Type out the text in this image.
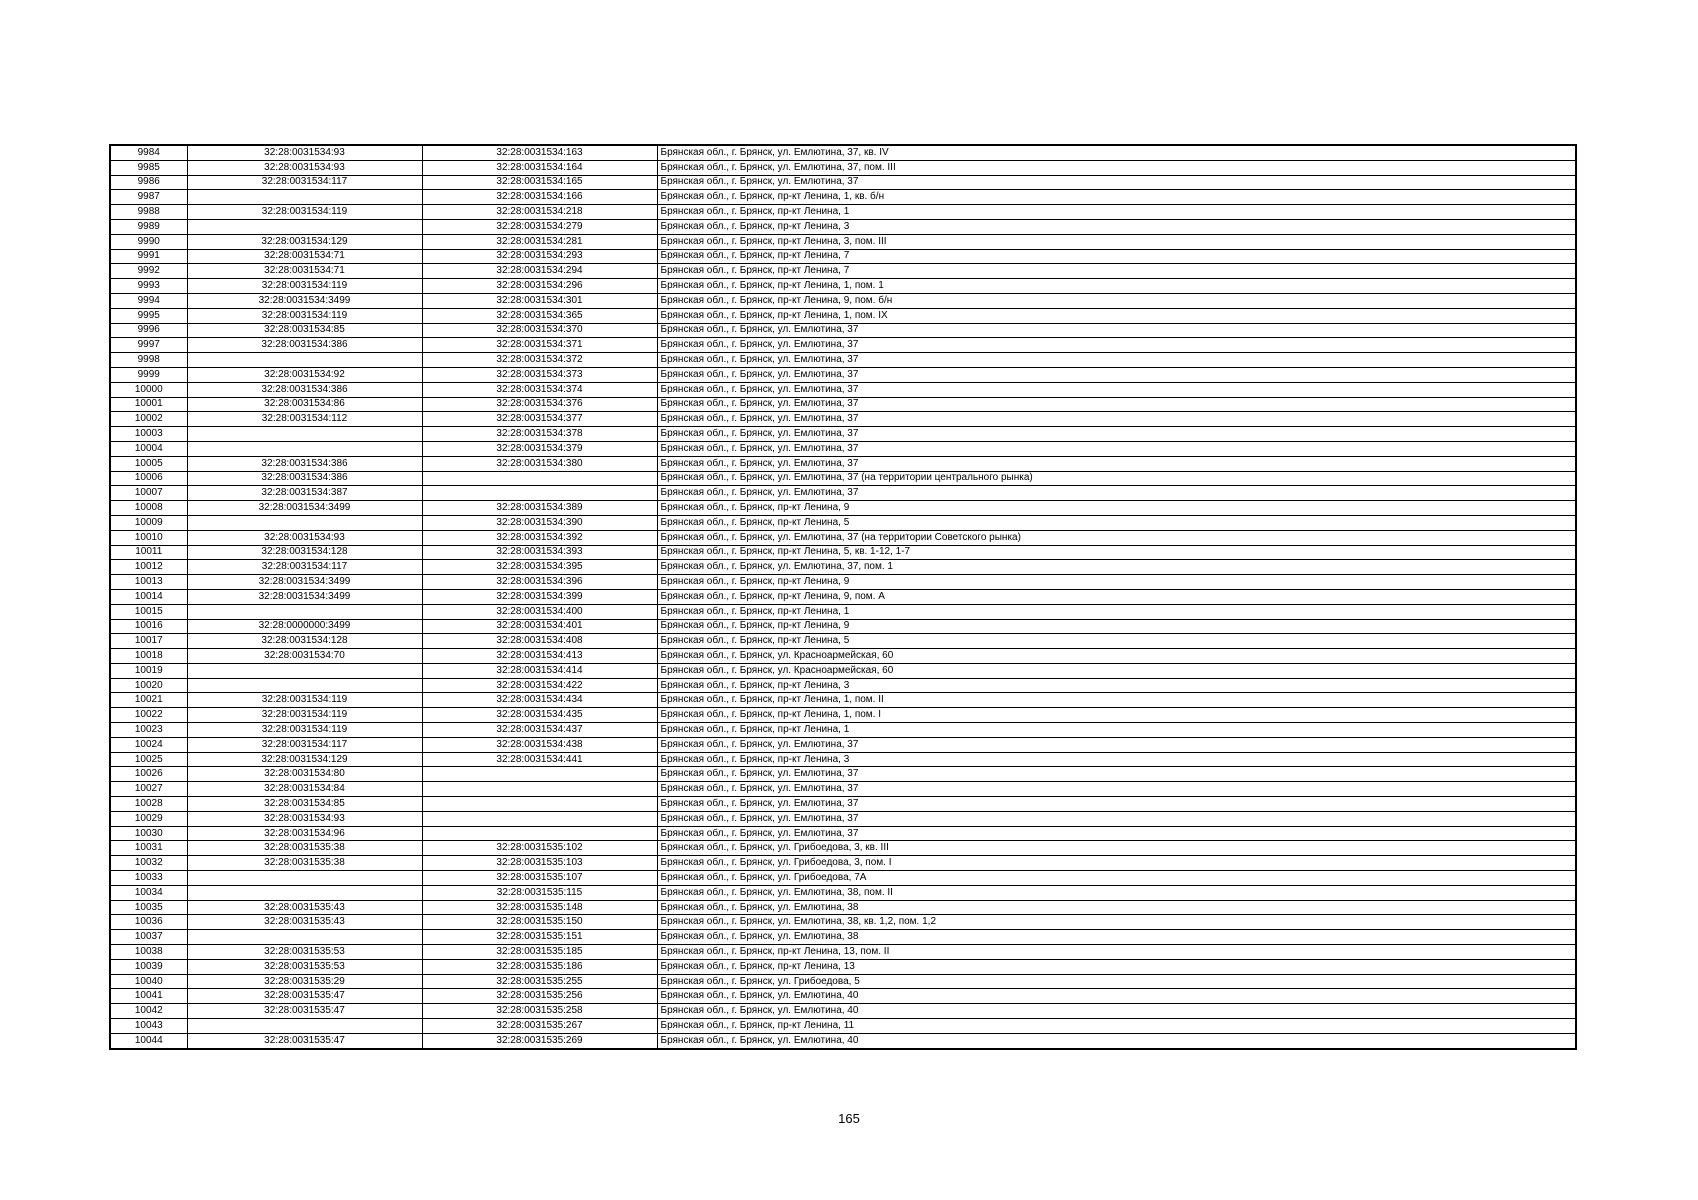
9984	32:28:0031534:93	32:28:0031534:163	Брянская обл., г. Брянск, ул. Емлютина, 37, кв. IV
9985	32:28:0031534:93	32:28:0031534:164	Брянская обл., г. Брянск, ул. Емлютина, 37, пом. III
9986	32:28:0031534:117	32:28:0031534:165	Брянская обл., г. Брянск, ул. Емлютина, 37
9987		32:28:0031534:166	Брянская обл., г. Брянск, пр-кт Ленина, 1, кв. б/н
9988	32:28:0031534:119	32:28:0031534:218	Брянская обл., г. Брянск, пр-кт Ленина, 1
9989		32:28:0031534:279	Брянская обл., г. Брянск, пр-кт Ленина, 3
9990	32:28:0031534:129	32:28:0031534:281	Брянская обл., г. Брянск, пр-кт Ленина, 3, пом. III
9991	32:28:0031534:71	32:28:0031534:293	Брянская обл., г. Брянск, пр-кт Ленина, 7
9992	32:28:0031534:71	32:28:0031534:294	Брянская обл., г. Брянск, пр-кт Ленина, 7
9993	32:28:0031534:119	32:28:0031534:296	Брянская обл., г. Брянск, пр-кт Ленина, 1, пом. 1
9994	32:28:0031534:3499	32:28:0031534:301	Брянская обл., г. Брянск, пр-кт Ленина, 9, пом. б/н
9995	32:28:0031534:119	32:28:0031534:365	Брянская обл., г. Брянск, пр-кт Ленина, 1, пом. IX
9996	32:28:0031534:85	32:28:0031534:370	Брянская обл., г. Брянск, ул. Емлютина, 37
9997	32:28:0031534:386	32:28:0031534:371	Брянская обл., г. Брянск, ул. Емлютина, 37
9998		32:28:0031534:372	Брянская обл., г. Брянск, ул. Емлютина, 37
9999	32:28:0031534:92	32:28:0031534:373	Брянская обл., г. Брянск, ул. Емлютина, 37
10000	32:28:0031534:386	32:28:0031534:374	Брянская обл., г. Брянск, ул. Емлютина, 37
10001	32:28:0031534:86	32:28:0031534:376	Брянская обл., г. Брянск, ул. Емлютина, 37
10002	32:28:0031534:112	32:28:0031534:377	Брянская обл., г. Брянск, ул. Емлютина, 37
10003		32:28:0031534:378	Брянская обл., г. Брянск, ул. Емлютина, 37
10004		32:28:0031534:379	Брянская обл., г. Брянск, ул. Емлютина, 37
10005	32:28:0031534:386	32:28:0031534:380	Брянская обл., г. Брянск, ул. Емлютина, 37
10006	32:28:0031534:386		Брянская обл., г. Брянск, ул. Емлютина, 37 (на территории центрального рынка)
10007	32:28:0031534:387		Брянская обл., г. Брянск, ул. Емлютина, 37
10008	32:28:0031534:3499	32:28:0031534:389	Брянская обл., г. Брянск, пр-кт Ленина, 9
10009		32:28:0031534:390	Брянская обл., г. Брянск, пр-кт Ленина, 5
10010	32:28:0031534:93	32:28:0031534:392	Брянская обл., г. Брянск, ул. Емлютина, 37 (на территории Советского рынка)
10011	32:28:0031534:128	32:28:0031534:393	Брянская обл., г. Брянск, пр-кт Ленина, 5, кв. 1-12, 1-7
10012	32:28:0031534:117	32:28:0031534:395	Брянская обл., г. Брянск, ул. Емлютина, 37, пом. 1
10013	32:28:0031534:3499	32:28:0031534:396	Брянская обл., г. Брянск, пр-кт Ленина, 9
10014	32:28:0031534:3499	32:28:0031534:399	Брянская обл., г. Брянск, пр-кт Ленина, 9, пом. А
10015		32:28:0031534:400	Брянская обл., г. Брянск, пр-кт Ленина, 1
10016	32:28:0000000:3499	32:28:0031534:401	Брянская обл., г. Брянск, пр-кт Ленина, 9
10017	32:28:0031534:128	32:28:0031534:408	Брянская обл., г. Брянск, пр-кт Ленина, 5
10018	32:28:0031534:70	32:28:0031534:413	Брянская обл., г. Брянск, ул. Красноармейская, 60
10019		32:28:0031534:414	Брянская обл., г. Брянск, ул. Красноармейская, 60
10020		32:28:0031534:422	Брянская обл., г. Брянск, пр-кт Ленина, 3
10021	32:28:0031534:119	32:28:0031534:434	Брянская обл., г. Брянск, пр-кт Ленина, 1, пом. II
10022	32:28:0031534:119	32:28:0031534:435	Брянская обл., г. Брянск, пр-кт Ленина, 1, пом. I
10023	32:28:0031534:119	32:28:0031534:437	Брянская обл., г. Брянск, пр-кт Ленина, 1
10024	32:28:0031534:117	32:28:0031534:438	Брянская обл., г. Брянск, ул. Емлютина, 37
10025	32:28:0031534:129	32:28:0031534:441	Брянская обл., г. Брянск, пр-кт Ленина, 3
10026	32:28:0031534:80		Брянская обл., г. Брянск, ул. Емлютина, 37
10027	32:28:0031534:84		Брянская обл., г. Брянск, ул. Емлютина, 37
10028	32:28:0031534:85		Брянская обл., г. Брянск, ул. Емлютина, 37
10029	32:28:0031534:93		Брянская обл., г. Брянск, ул. Емлютина, 37
10030	32:28:0031534:96		Брянская обл., г. Брянск, ул. Емлютина, 37
10031	32:28:0031535:38	32:28:0031535:102	Брянская обл., г. Брянск, ул. Грибоедова, 3, кв. III
10032	32:28:0031535:38	32:28:0031535:103	Брянская обл., г. Брянск, ул. Грибоедова, 3, пом. I
10033		32:28:0031535:107	Брянская обл., г. Брянск, ул. Грибоедова, 7А
10034		32:28:0031535:115	Брянская обл., г. Брянск, ул. Емлютина, 38, пом. II
10035	32:28:0031535:43	32:28:0031535:148	Брянская обл., г. Брянск, ул. Емлютина, 38
10036	32:28:0031535:43	32:28:0031535:150	Брянская обл., г. Брянск, ул. Емлютина, 38, кв. 1,2, пом. 1,2
10037		32:28:0031535:151	Брянская обл., г. Брянск, ул. Емлютина, 38
10038	32:28:0031535:53	32:28:0031535:185	Брянская обл., г. Брянск, пр-кт Ленина, 13, пом. II
10039	32:28:0031535:53	32:28:0031535:186	Брянская обл., г. Брянск, пр-кт Ленина, 13
10040	32:28:0031535:29	32:28:0031535:255	Брянская обл., г. Брянск, ул. Грибоедова, 5
10041	32:28:0031535:47	32:28:0031535:256	Брянская обл., г. Брянск, ул. Емлютина, 40
10042	32:28:0031535:47	32:28:0031535:258	Брянская обл., г. Брянск, ул. Емлютина, 40
10043		32:28:0031535:267	Брянская обл., г. Брянск, пр-кт Ленина, 11
10044	32:28:0031535:47	32:28:0031535:269	Брянская обл., г. Брянск, ул. Емлютина, 40
165
